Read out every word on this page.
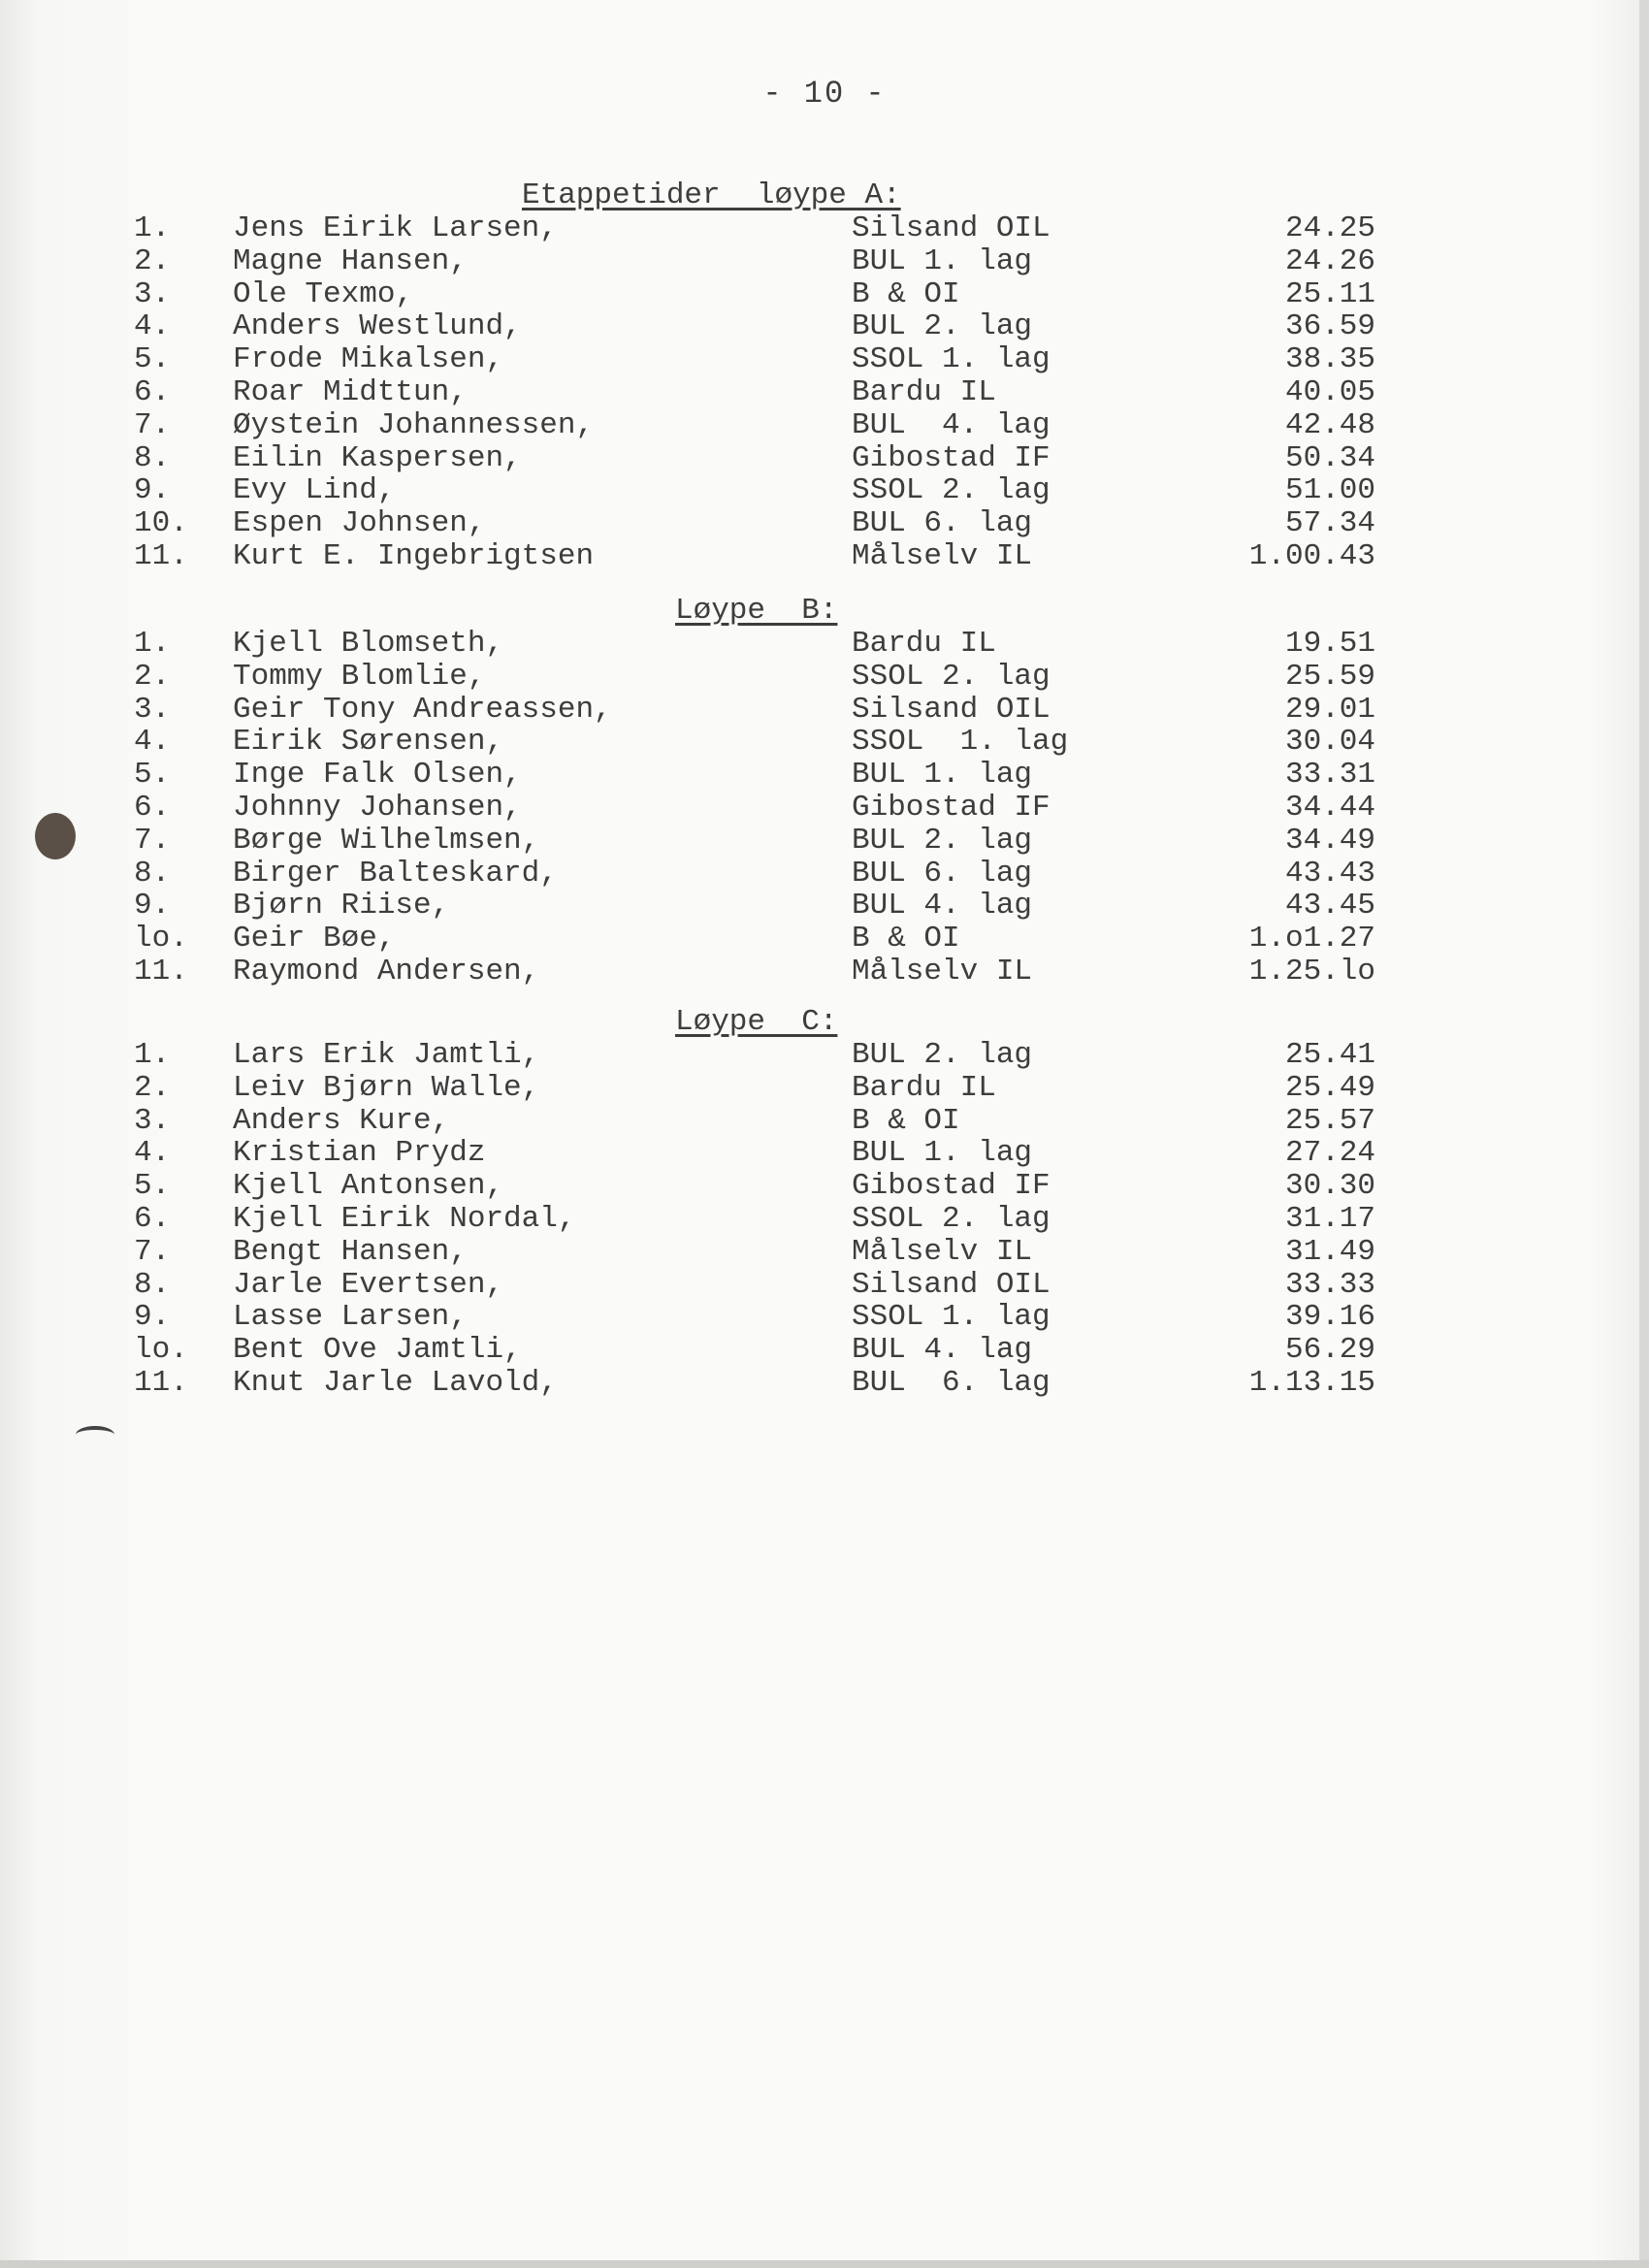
- 10 -
Etappetider  løype A:
Løype  B:
Løype  C:
1. Jens Eirik Larsen,	Silsand OIL	24.25
2. Magne Hansen,	BUL 1. lag	24.26
3. Ole Texmo,	B & OI	25.11
4. Anders Westlund,	BUL 2. lag	36.59
5. Frode Mikalsen,	SSOL 1. lag	38.35
6. Roar Midttun,	Bardu IL	40.05
7. Øystein Johannessen,	BUL  4. lag	42.48
8. Eilin Kaspersen,	Gibostad IF	50.34
9. Evy Lind,	SSOL 2. lag	51.00
10. Espen Johnsen,	BUL 6. lag	57.34
11. Kurt E. Ingebrigtsen	Målselv IL	1.00.43
1. Kjell Blomseth,	Bardu IL	19.51
2. Tommy Blomlie,	SSOL 2. lag	25.59
3. Geir Tony Andreassen,	Silsand OIL	29.01
4. Eirik Sørensen,	SSOL  1. lag	30.04
5. Inge Falk Olsen,	BUL 1. lag	33.31
6. Johnny Johansen,	Gibostad IF	34.44
7. Børge Wilhelmsen,	BUL 2. lag	34.49
8. Birger Balteskard,	BUL 6. lag	43.43
9. Bjørn Riise,	BUL 4. lag	43.45
lo. Geir Bøe,	B & OI	1.o1.27
11. Raymond Andersen,	Målselv IL	1.25.lo
1. Lars Erik Jamtli,	BUL 2. lag	25.41
2. Leiv Bjørn Walle,	Bardu IL	25.49
3. Anders Kure,	B & OI	25.57
4. Kristian Prydz	BUL 1. lag	27.24
5. Kjell Antonsen,	Gibostad IF	30.30
6. Kjell Eirik Nordal,	SSOL 2. lag	31.17
7. Bengt Hansen,	Målselv IL	31.49
8. Jarle Evertsen,	Silsand OIL	33.33
9. Lasse Larsen,	SSOL 1. lag	39.16
lo. Bent Ove Jamtli,	BUL 4. lag	56.29
11. Knut Jarle Lavold,	BUL  6. lag	1.13.15
